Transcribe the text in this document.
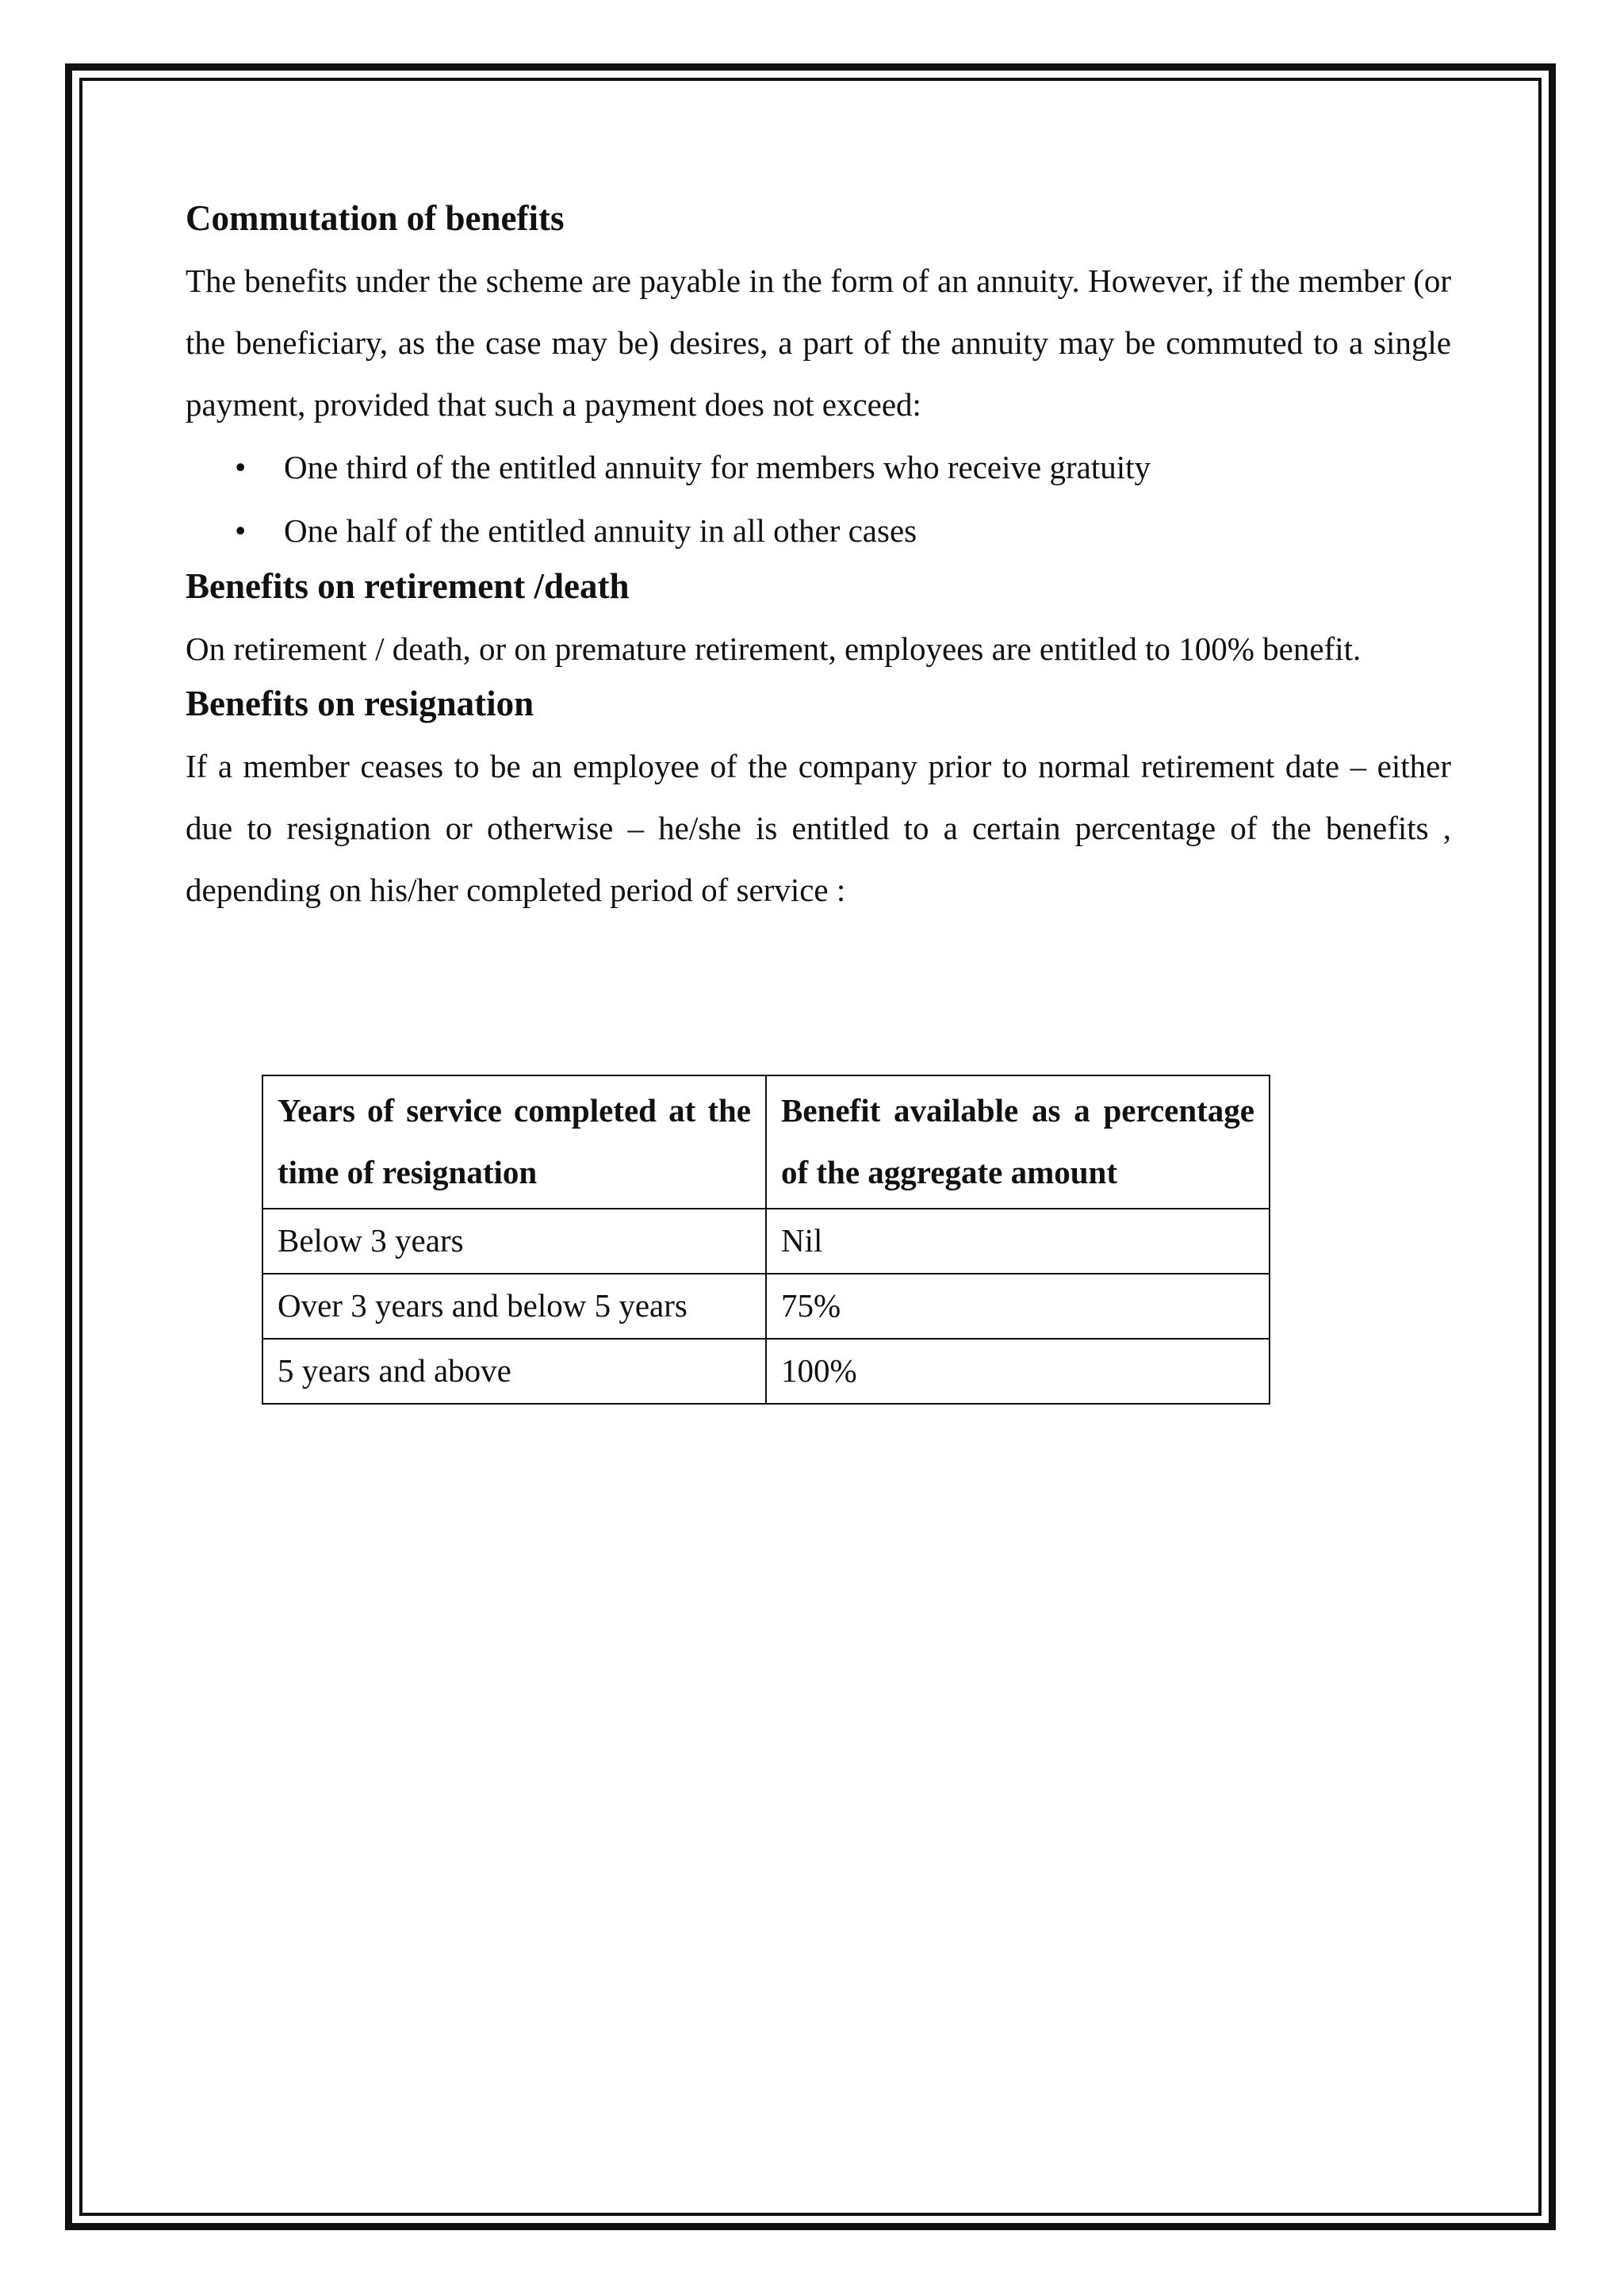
Commutation of benefits

The benefits under the scheme are payable in the form of an annuity. However, if the member (or the beneficiary, as the case may be) desires, a part of the annuity may be commuted to a single payment, provided that such a payment does not exceed:

• One third of the entitled annuity for members who receive gratuity
• One half of the entitled annuity in all other cases
Benefits on retirement /death

On retirement / death, or on premature retirement, employees are entitled to 100% benefit.

Benefits on resignation

If a member ceases to be an employee of the company prior to normal retirement date – either due to resignation or otherwise – he/she is entitled to a certain percentage of the benefits , depending on his/her completed period of service :

Years of service completed at the time of resignation	Benefit available as a percentage of the aggregate amount
Below 3 years	Nil
Over 3 years and below 5 years	75%
5 years and above	100%
